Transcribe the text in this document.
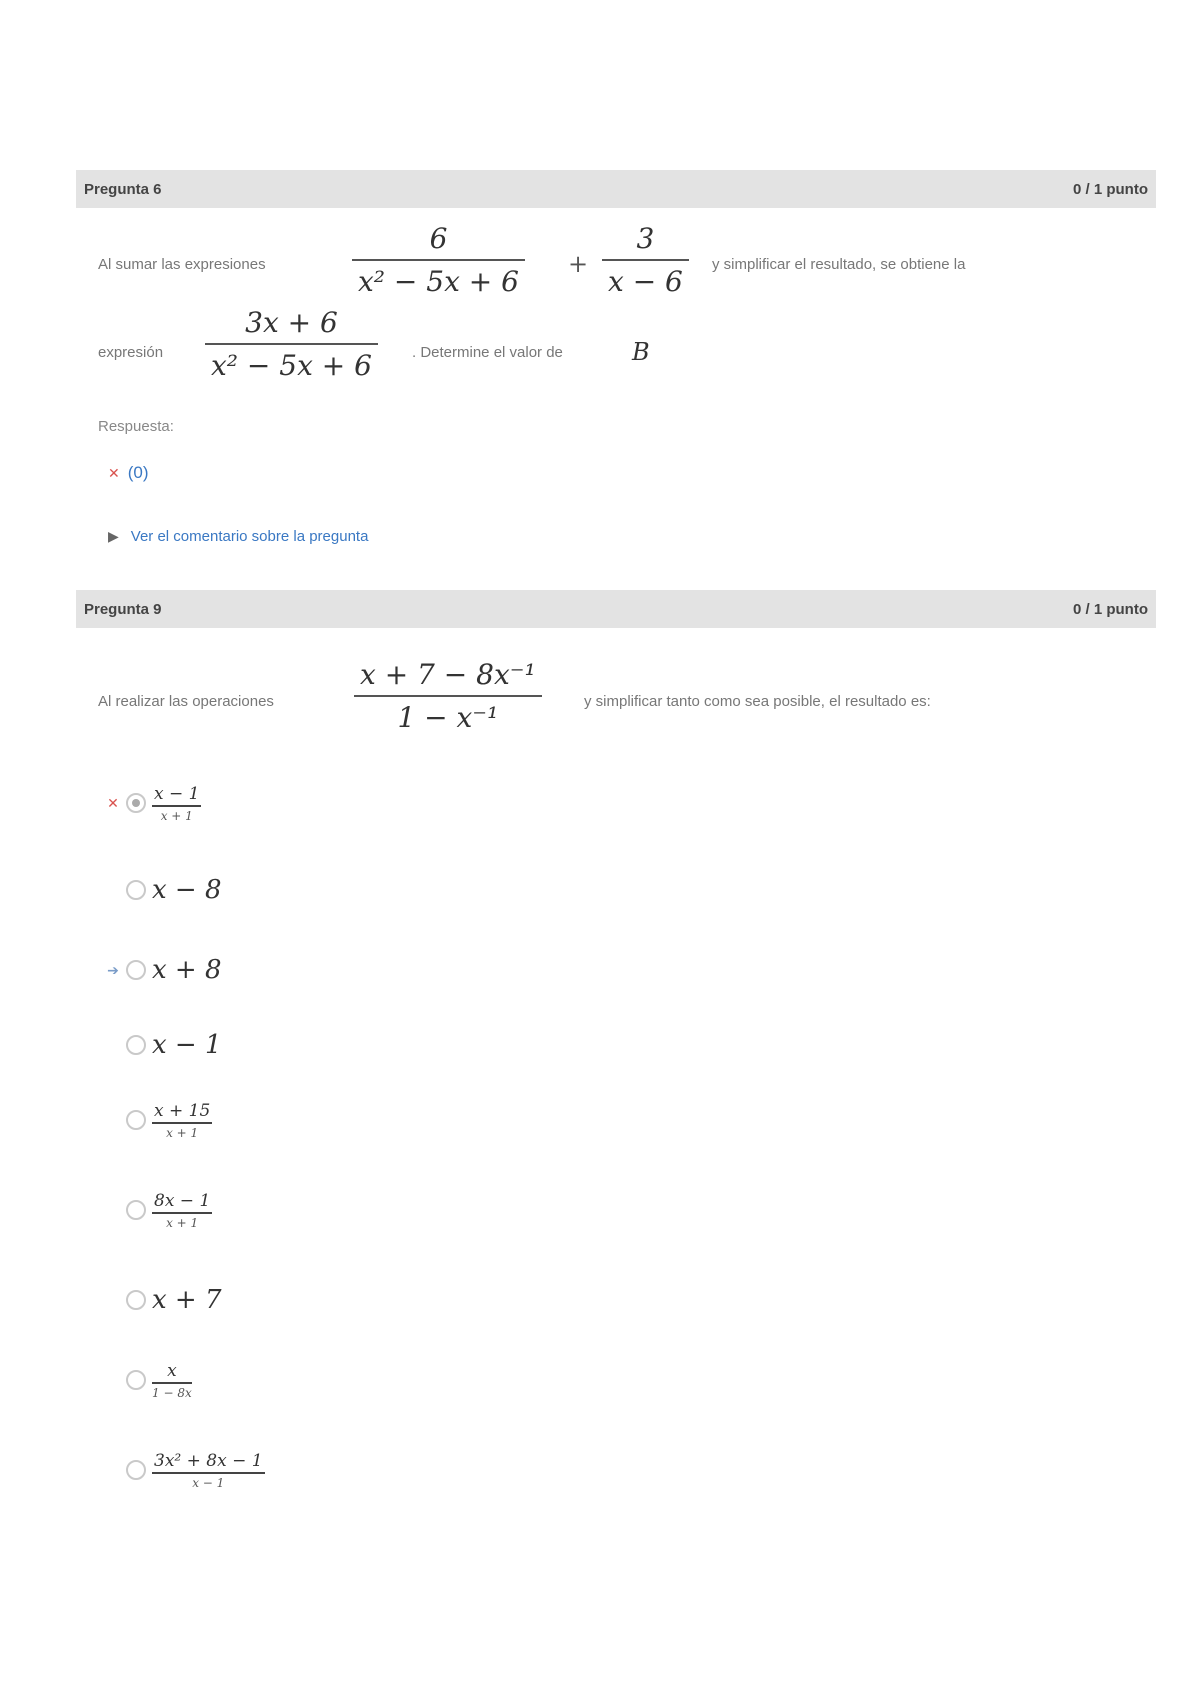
Pregunta 6	0 / 1 punto
Al sumar las expresiones
6
x² − 5x + 6
+
3
x − 6
y simplificar el resultado, se obtiene la
expresión
3x + 6
x² − 5x + 6	. Determine el valor de	B
Respuesta:
✕ (0)
▶ Ver el comentario sobre la pregunta
Pregunta 9	0 / 1 punto
Al realizar las operaciones
x + 7 − 8x⁻¹
1 − x⁻¹	y simplificar tanto como sea posible, el resultado es:
✕	x − 1
x + 1
x − 8
➔ x + 8
x − 1
x + 15
x + 1
8x − 1
x + 1
x + 7
x
1 − 8x
3x² + 8x − 1
x − 1
